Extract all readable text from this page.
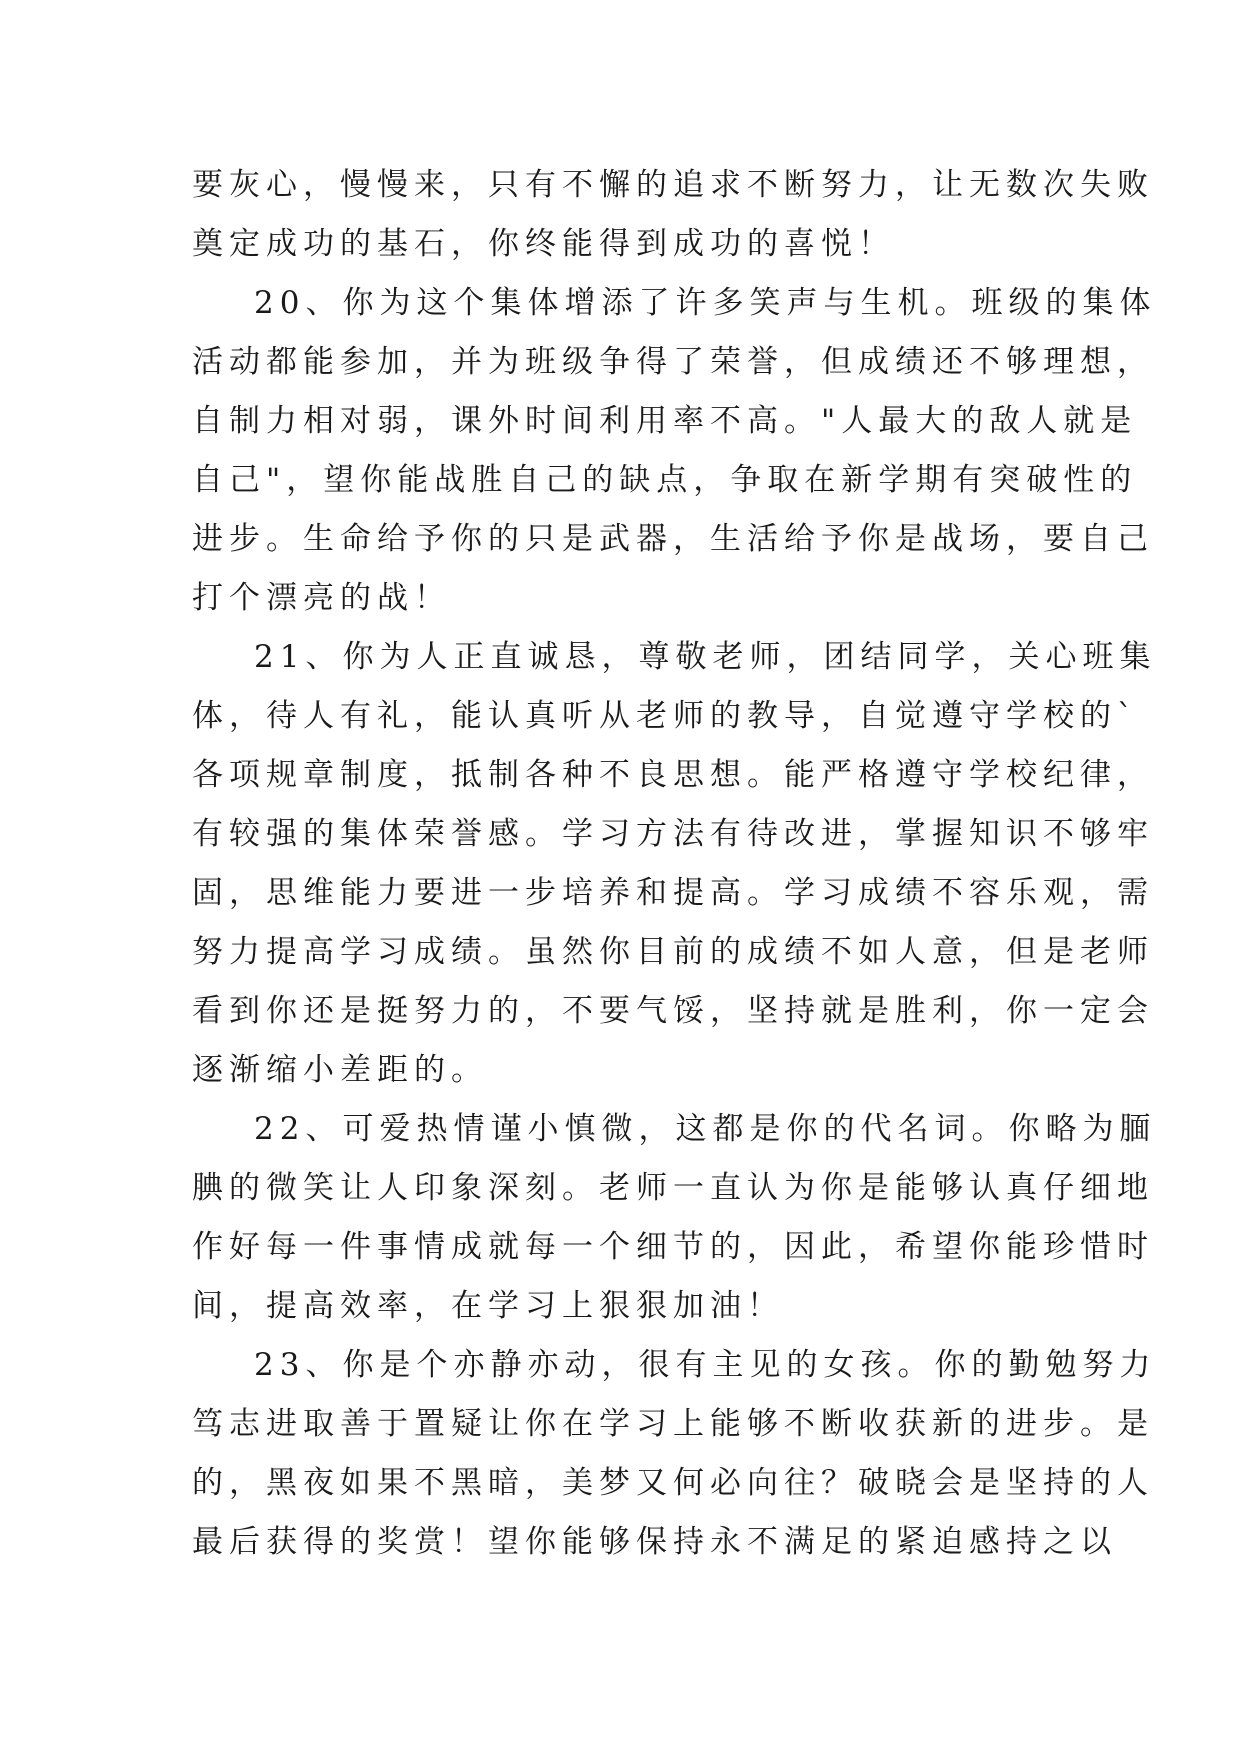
要灰心，慢慢来，只有不懈的追求不断努力，让无数次失败
奠定成功的基石，你终能得到成功的喜悦！
20、你为这个集体增添了许多笑声与生机。班级的集体
活动都能参加，并为班级争得了荣誉，但成绩还不够理想，
自制力相对弱，课外时间利用率不高。"人最大的敌人就是
自己"，望你能战胜自己的缺点，争取在新学期有突破性的
进步。生命给予你的只是武器，生活给予你是战场，要自己
打个漂亮的战！
21、你为人正直诚恳，尊敬老师，团结同学，关心班集
体，待人有礼，能认真听从老师的教导，自觉遵守学校的`
各项规章制度，抵制各种不良思想。能严格遵守学校纪律，
有较强的集体荣誉感。学习方法有待改进，掌握知识不够牢
固，思维能力要进一步培养和提高。学习成绩不容乐观，需
努力提高学习成绩。虽然你目前的成绩不如人意，但是老师
看到你还是挺努力的，不要气馁，坚持就是胜利，你一定会
逐渐缩小差距的。
22、可爱热情谨小慎微，这都是你的代名词。你略为腼
腆的微笑让人印象深刻。老师一直认为你是能够认真仔细地
作好每一件事情成就每一个细节的，因此，希望你能珍惜时
间，提高效率，在学习上狠狠加油！
23、你是个亦静亦动，很有主见的女孩。你的勤勉努力
笃志进取善于置疑让你在学习上能够不断收获新的进步。是
的，黑夜如果不黑暗，美梦又何必向往？破晓会是坚持的人
最后获得的奖赏！望你能够保持永不满足的紧迫感持之以
